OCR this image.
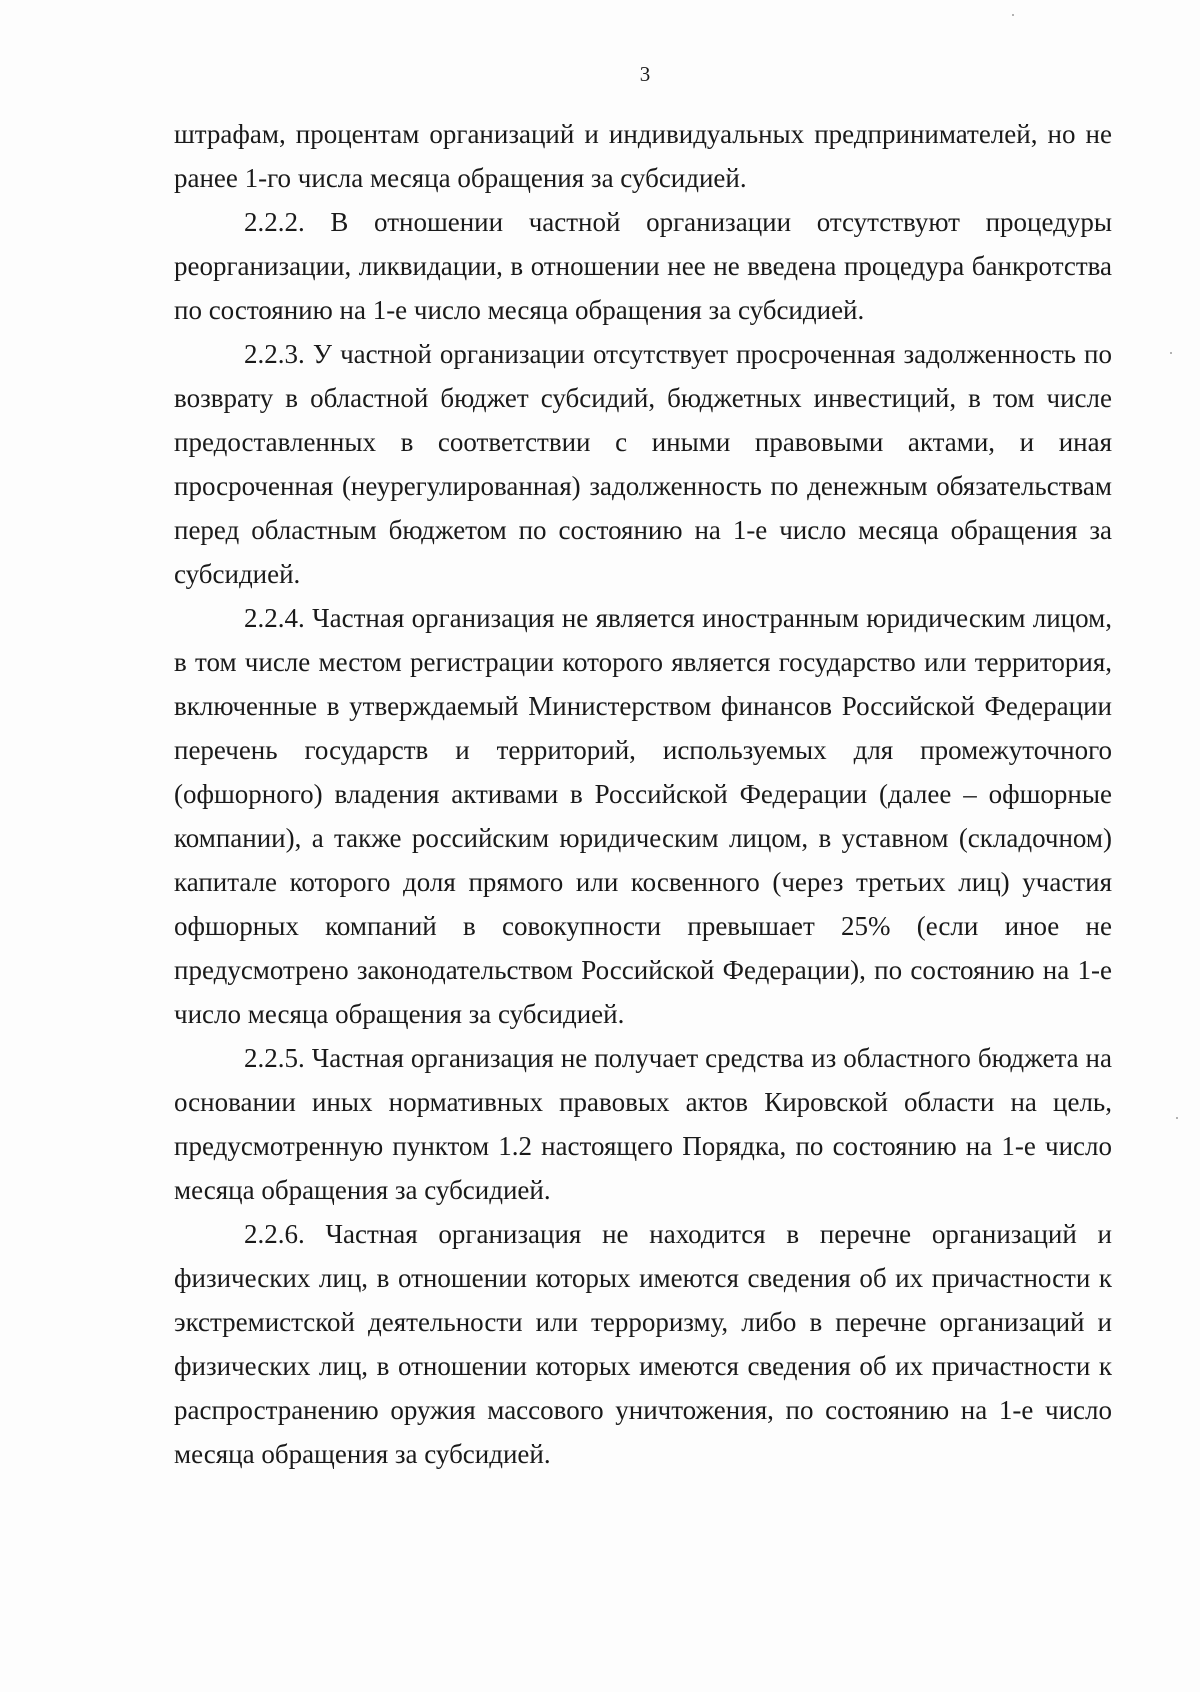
3

штрафам, процентам организаций и индивидуальных предпринимателей, но не ранее 1-го числа месяца обращения за субсидией.

2.2.2. В отношении частной организации отсутствуют процедуры реорганизации, ликвидации, в отношении нее не введена процедура банкротства по состоянию на 1-е число месяца обращения за субсидией.

2.2.3. У частной организации отсутствует просроченная задолженность по возврату в областной бюджет субсидий, бюджетных инвестиций, в том числе предоставленных в соответствии с иными правовыми актами, и иная просроченная (неурегулированная) задолженность по денежным обязательствам перед областным бюджетом по состоянию на 1-е число месяца обращения за субсидией.

2.2.4. Частная организация не является иностранным юридическим лицом, в том числе местом регистрации которого является государство или территория, включенные в утверждаемый Министерством финансов Российской Федерации перечень государств и территорий, используемых для промежуточного (офшорного) владения активами в Российской Федерации (далее – офшорные компании), а также российским юридическим лицом, в уставном (складочном) капитале которого доля прямого или косвенного (через третьих лиц) участия офшорных компаний в совокупности превышает 25% (если иное не предусмотрено законодательством Российской Федерации), по состоянию на 1-е число месяца обращения за субсидией.

2.2.5. Частная организация не получает средства из областного бюджета на основании иных нормативных правовых актов Кировской области на цель, предусмотренную пунктом 1.2 настоящего Порядка, по состоянию на 1-е число месяца обращения за субсидией.

2.2.6. Частная организация не находится в перечне организаций и физических лиц, в отношении которых имеются сведения об их причастности к экстремистской деятельности или терроризму, либо в перечне организаций и физических лиц, в отношении которых имеются сведения об их причастности к распространению оружия массового уничтожения, по состоянию на 1-е число месяца обращения за субсидией.
